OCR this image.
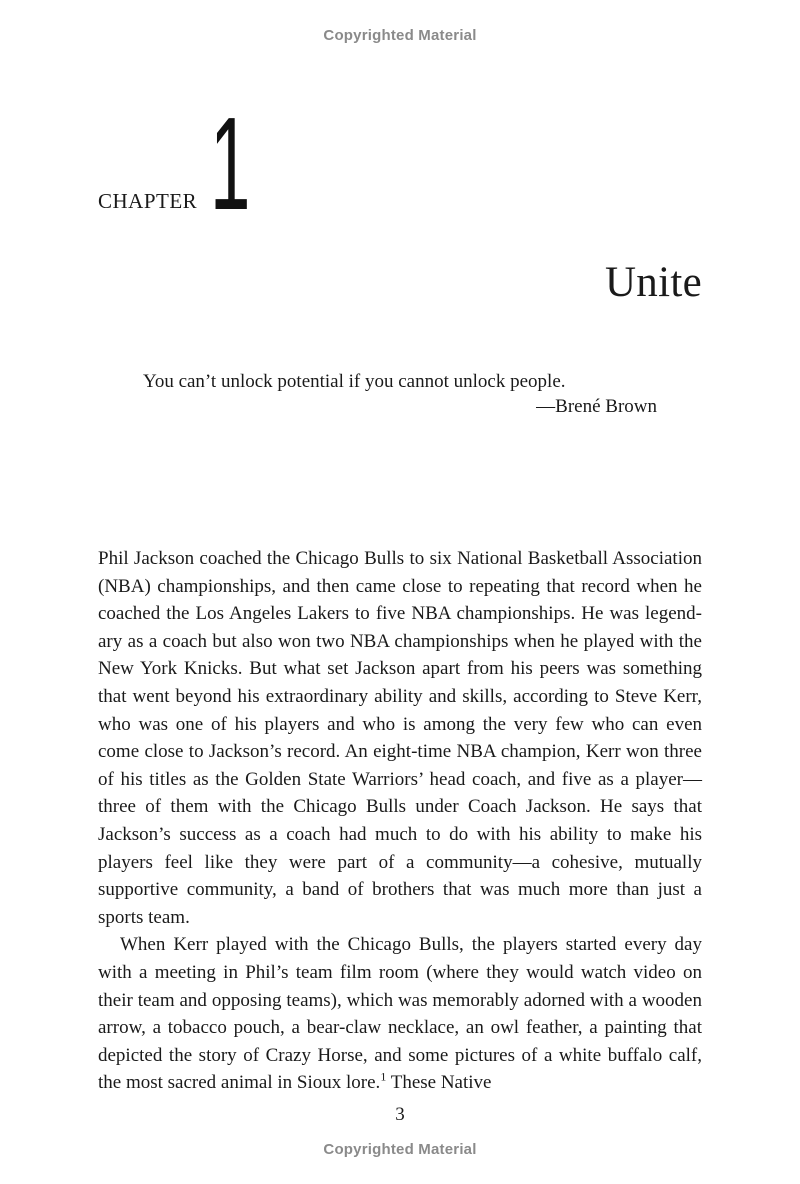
Copyrighted Material
CHAPTER 1
Unite
You can’t unlock potential if you cannot unlock people.
—Brené Brown

Phil Jackson coached the Chicago Bulls to six National Basketball Association (NBA) championships, and then came close to repeating that record when he coached the Los Angeles Lakers to five NBA championships. He was legendary as a coach but also won two NBA championships when he played with the New York Knicks. But what set Jackson apart from his peers was something that went beyond his extraordinary ability and skills, according to Steve Kerr, who was one of his players and who is among the very few who can even come close to Jackson’s record. An eight-time NBA champion, Kerr won three of his titles as the Golden State Warriors’ head coach, and five as a player—three of them with the Chicago Bulls under Coach Jackson. He says that Jackson’s success as a coach had much to do with his ability to make his players feel like they were part of a community—a cohesive, mutually supportive community, a band of brothers that was much more than just a sports team.

When Kerr played with the Chicago Bulls, the players started every day with a meeting in Phil’s team film room (where they would watch video on their team and opposing teams), which was memorably adorned with a wooden arrow, a tobacco pouch, a bear-claw necklace, an owl feather, a painting that depicted the story of Crazy Horse, and some pictures of a white buffalo calf, the most sacred animal in Sioux lore.$^1$ These Native

3
Copyrighted Material
